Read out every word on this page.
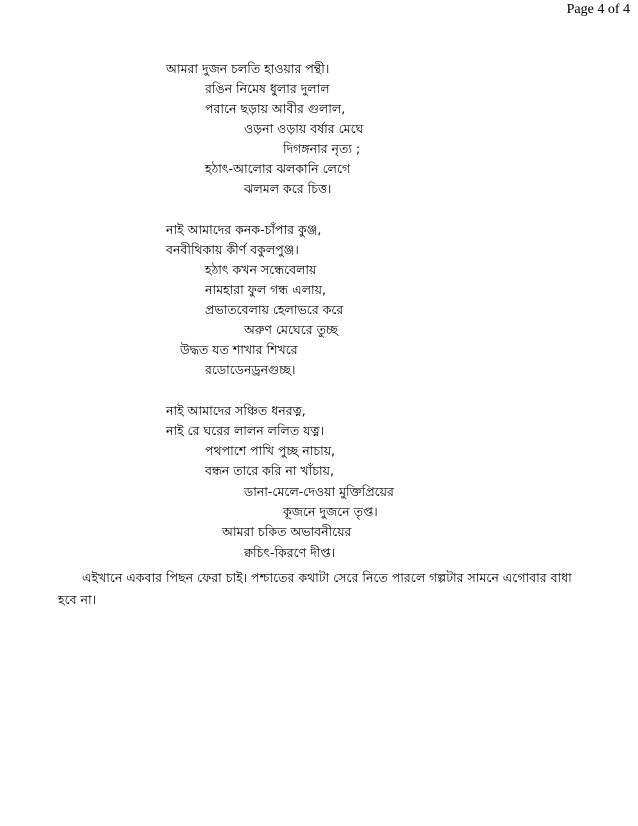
Page 4 of 4
আমরা দুজন চলতি হাওয়ার পন্থী।
রঙিন নিমেষ ধুলার দুলাল
পরানে ছড়ায় আবীর গুলাল,
ওড়না ওড়ায় বর্ষার মেঘে
দিগঙ্গনার নৃত্য ;
হঠাৎ-আলোর ঝলকানি লেগে
ঝলমল করে চিত্ত।
নাই আমাদের কনক-চাঁপার কুঞ্জ,
বনবীথিকায় কীর্ণ বকুলপুঞ্জ।
হঠাৎ কখন সন্ধেবেলায়
নামহারা ফুল গন্ধ এলায়,
প্রভাতবেলায় হেলাভরে করে
অরুণ মেঘেরে তুচ্ছ
উদ্ধত যত শাখার শিখরে
রডোডেনড্রনগুচ্ছ।
নাই আমাদের সঞ্চিত ধনরত্ন,
নাই রে ঘরের লালন ললিত যত্ন।
পথপাশে পাখি পুচ্ছ নাচায়,
বন্ধন তারে করি না খাঁচায়,
ডানা-মেলে-দেওয়া মুক্তিপ্রিয়ের
কূজনে দুজনে তৃপ্ত।
আমরা চকিত অভাবনীয়ের
ক্বচিৎ-কিরণে দীপ্ত।
এইখানে একবার পিছন ফেরা চাই। পশ্চাতের কথাটা সেরে নিতে পারলে গল্পটার সামনে এগোবার বাধা হবে না।
